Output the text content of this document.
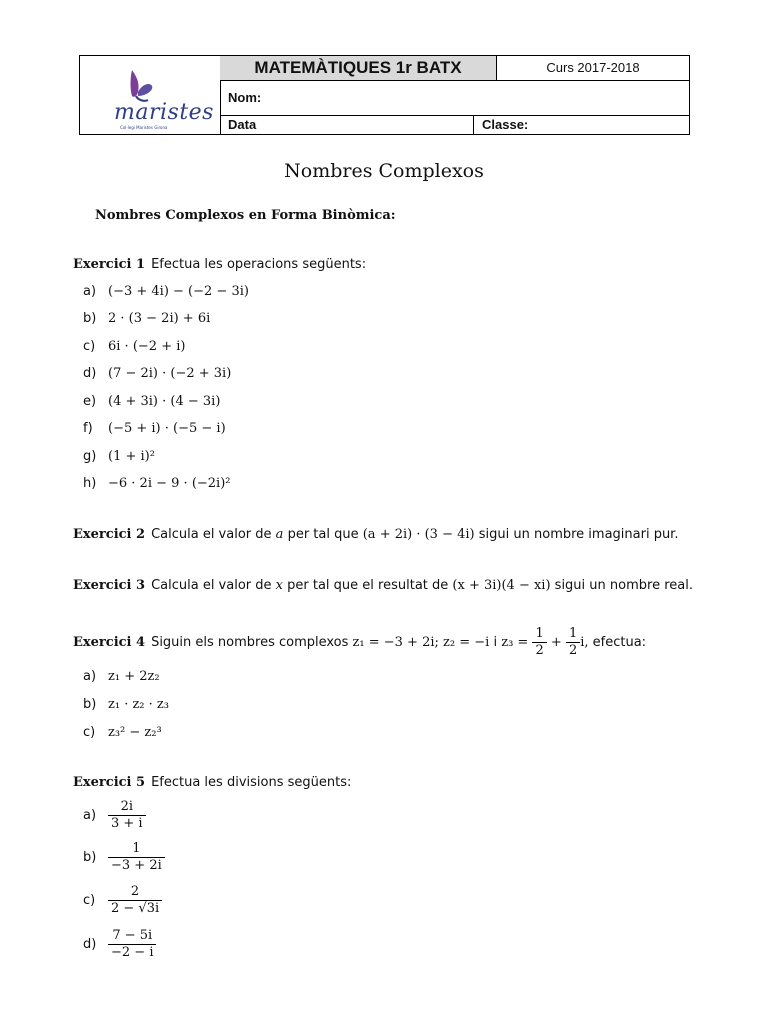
maristes
Col·legi Maristes Girona
MATEMÀTIQUES 1r BATX	Curs 2017-2018
Nom:
Data	Classe:
Nombres Complexos
Nombres Complexos en Forma Binòmica:
Exercici 1 Efectua les operacions següents:
a) (−3 + 4i) − (−2 − 3i)
b) 2 · (3 − 2i) + 6i
c) 6i · (−2 + i)
d) (7 − 2i) · (−2 + 3i)
e) (4 + 3i) · (4 − 3i)
f) (−5 + i) · (−5 − i)
g) (1 + i)²
h) −6 · 2i − 9 · (−2i)²
Exercici 2 Calcula el valor de a per tal que (a + 2i) · (3 − 4i) sigui un nombre imaginari pur.
Exercici 3 Calcula el valor de x per tal que el resultat de (x + 3i)(4 − xi) sigui un nombre real.
Exercici 4 Siguin els nombres complexos z₁ = −3 + 2i; z₂ = −i i $z_3 = \frac{1}{2} + \frac{1}{2} i$, efectua:
a) z₁ + 2z₂
b) z₁ · z₂ · z₃
c) z₃² − z₂³
Exercici 5 Efectua les divisions següents:
$a) \frac{2i}{3 + i}$
$b) \frac{1}{-3 + 2i}$
$c) \frac{2}{2 - √3i}$
$d) \frac{7 - 5i}{-2 - i}$
